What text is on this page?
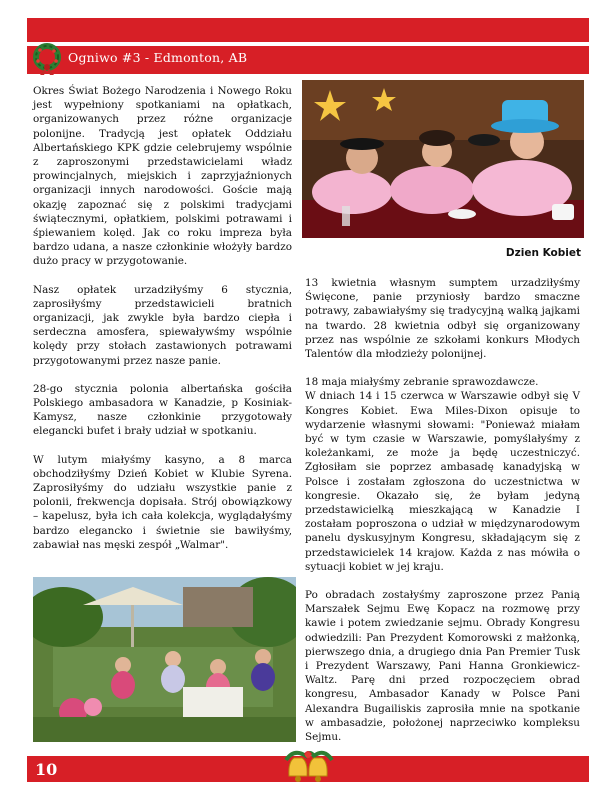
Ogniwo #3 - Edmonton, AB

Okres Świat Bożego Narodzenia i Nowego Roku jest wypełniony spotkaniami na opłatkach, organizowanych przez różne organizacje polonijne. Tradycją jest opłatek Oddziału Albertańskiego KPK gdzie celebrujemy wspólnie z zaproszonymi przedstawicielami władz prowincjalnych, miejskich i zaprzyjaźnionych organizacji innych narodowości. Goście mają okazję zapoznać się z polskimi tradycjami świątecznymi, opłatkiem, polskimi potrawami i śpiewaniem kolęd. Jak co roku impreza była bardzo udana, a nasze członkinie włożyły bardzo dużo pracy w przygotowanie.

Nasz opłatek urzadziłyśmy 6 stycznia, zaprosiłyśmy przedstawicieli bratnich organizacji, jak zwykle była bardzo ciepła i serdeczna amosfera, spiewaływśmy wspólnie kolędy przy stołach zastawionych potrawami przygotowanymi przez nasze panie.

28-go stycznia polonia albertańska gościła Polskiego ambasadora w Kanadzie, p Kosiniak-Kamysz, nasze członkinie przygotowały elegancki bufet i brały udział w spotkaniu.

W lutym miałyśmy kasyno, a 8 marca obchodziłyśmy Dzień Kobiet w Klubie Syrena. Zaprosiłyśmy do udziału wszystkie panie z polonii, frekwencja dopisała. Strój obowiązkowy – kapelusz, była ich cała kolekcja, wyglądałyśmy bardzo elegancko i świetnie sie bawiłyśmy, zabawiał nas męski zespół „Walmar".

Dzien Kobiet

13 kwietnia własnym sumptem urzadziłyśmy Święcone, panie przyniosły bardzo smaczne potrawy, zabawiałyśmy się tradycyjną walką jajkami na twardo. 28 kwietnia odbył się organizowany przez nas wspólnie ze szkołami konkurs Młodych Talentów dla młodzieży polonijnej.

18 maja miałyśmy zebranie sprawozdawcze.

W dniach 14 i 15 czerwca w Warszawie odbył się V Kongres Kobiet. Ewa Miles-Dixon opisuje to wydarzenie własnymi słowami: "Ponieważ miałam być w tym czasie w Warszawie, pomyślałyśmy z koleżankami, ze może ja będę uczestniczyć. Zgłosiłam sie poprzez ambasadę kanadyjską w Polsce i zostałam zgłoszona do uczestnictwa w kongresie. Okazało się, że byłam jedyną przedstawicielką mieszkającą w Kanadzie I zostałam poproszona o udział w międzynarodowym panelu dyskusyjnym Kongresu, składającym się z przedstawicielek 14 krajow. Każda z nas mówiła o sytuacji kobiet w jej kraju.

Po obradach zostałyśmy zaproszone przez Panią Marszałek Sejmu Ewę Kopacz na rozmowę przy kawie i potem zwiedzanie sejmu. Obrady Kongresu odwiedzili: Pan Prezydent Komorowski z małżonką, pierwszego dnia, a drugiego dnia Pan Premier Tusk i Prezydent Warszawy, Pani Hanna Gronkiewicz-Waltz. Parę dni przed rozpoczęciem obrad kongresu, Ambasador Kanady w Polsce Pani Alexandra Bugailiskis zaprosiła mnie na spotkanie w ambasadzie, położonej naprzeciwko kompleksu Sejmu.

10
